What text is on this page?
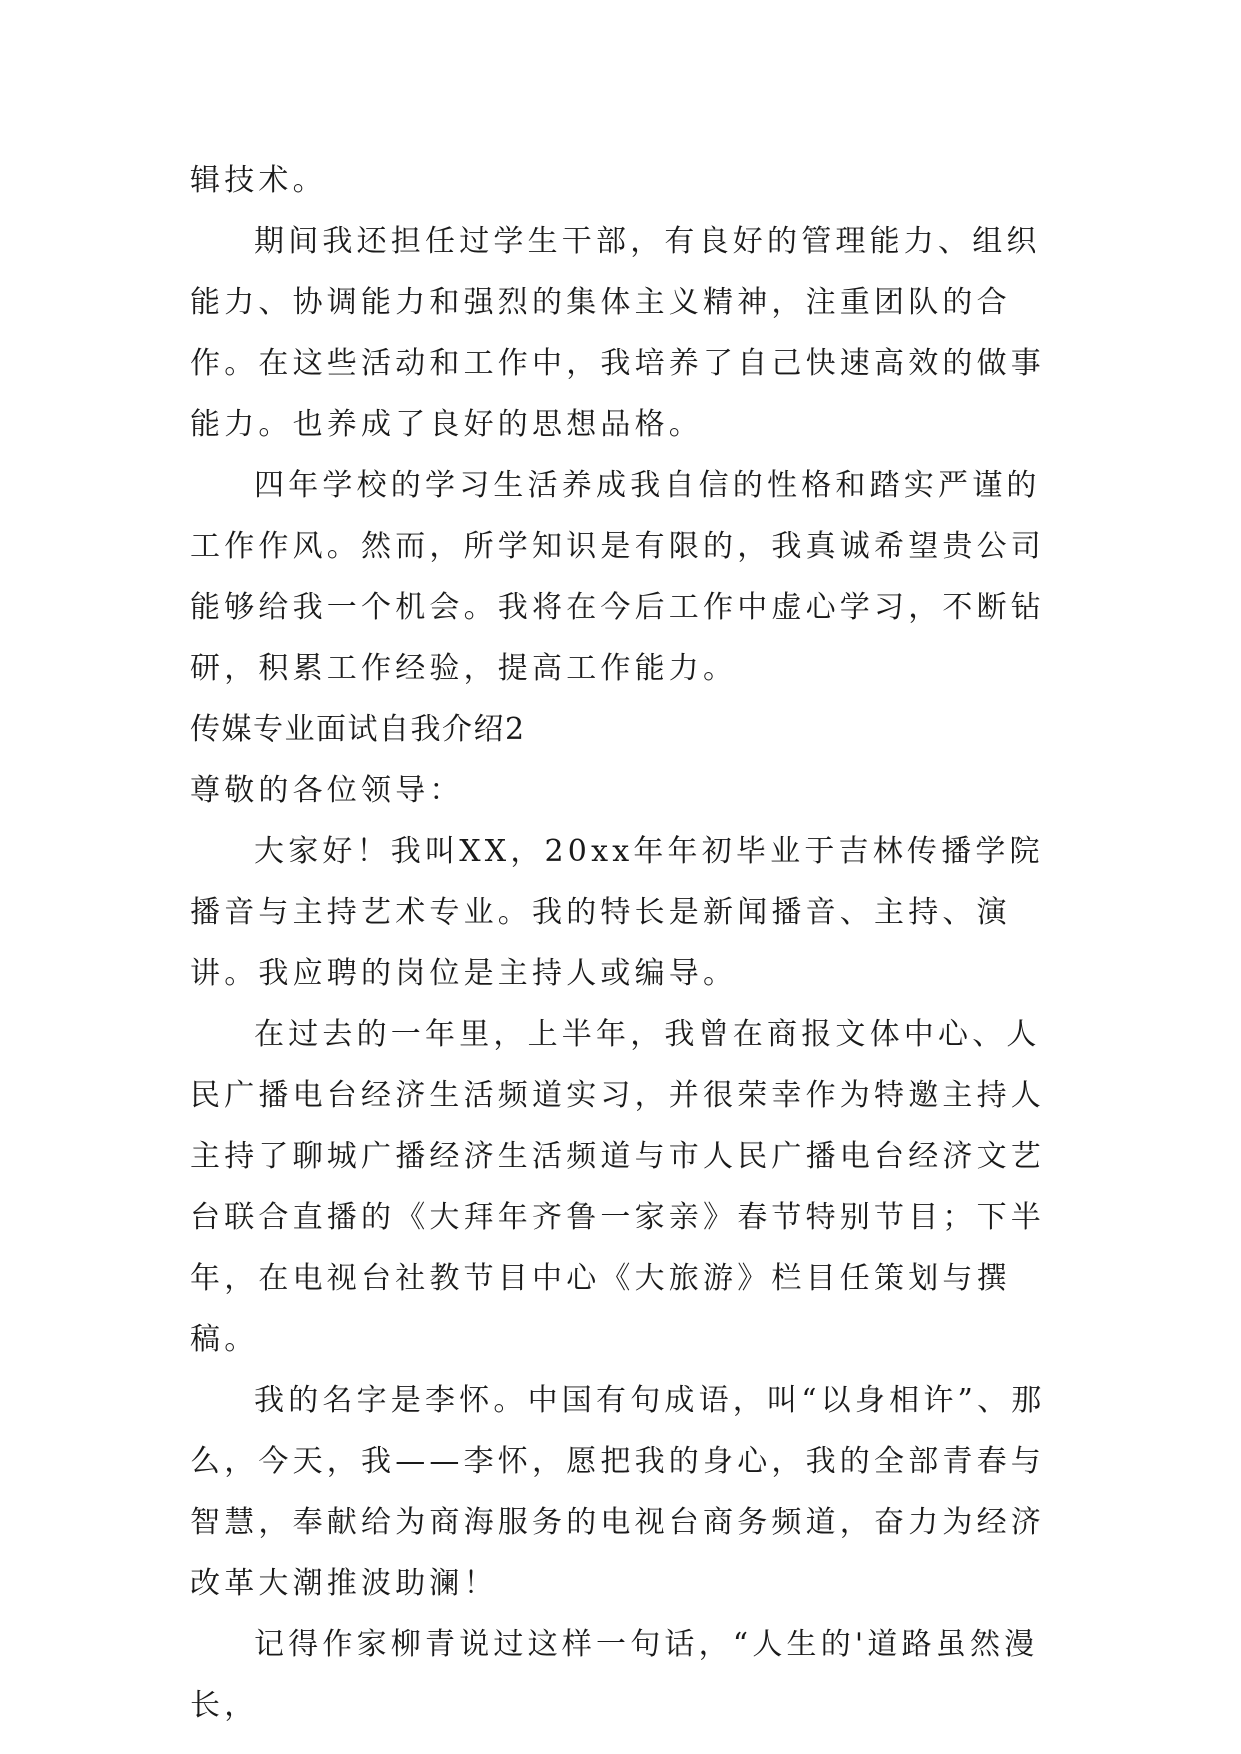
辑技术。

期间我还担任过学生干部，有良好的管理能力、组织能力、协调能力和强烈的集体主义精神，注重团队的合作。在这些活动和工作中，我培养了自己快速高效的做事能力。也养成了良好的思想品格。

四年学校的学习生活养成我自信的性格和踏实严谨的工作作风。然而，所学知识是有限的，我真诚希望贵公司能够给我一个机会。我将在今后工作中虚心学习，不断钻研，积累工作经验，提高工作能力。

传媒专业面试自我介绍2

尊敬的各位领导：

大家好！我叫XX，20xx年年初毕业于吉林传播学院播音与主持艺术专业。我的特长是新闻播音、主持、演讲。我应聘的岗位是主持人或编导。

在过去的一年里，上半年，我曾在商报文体中心、人民广播电台经济生活频道实习，并很荣幸作为特邀主持人主持了聊城广播经济生活频道与市人民广播电台经济文艺台联合直播的《大拜年齐鲁一家亲》春节特别节目；下半年，在电视台社教节目中心《大旅游》栏目任策划与撰稿。

我的名字是李怀。中国有句成语，叫“以身相许”、那么，今天，我——李怀，愿把我的身心，我的全部青春与智慧，奉献给为商海服务的电视台商务频道，奋力为经济改革大潮推波助澜！

记得作家柳青说过这样一句话，“人生的'道路虽然漫长，
